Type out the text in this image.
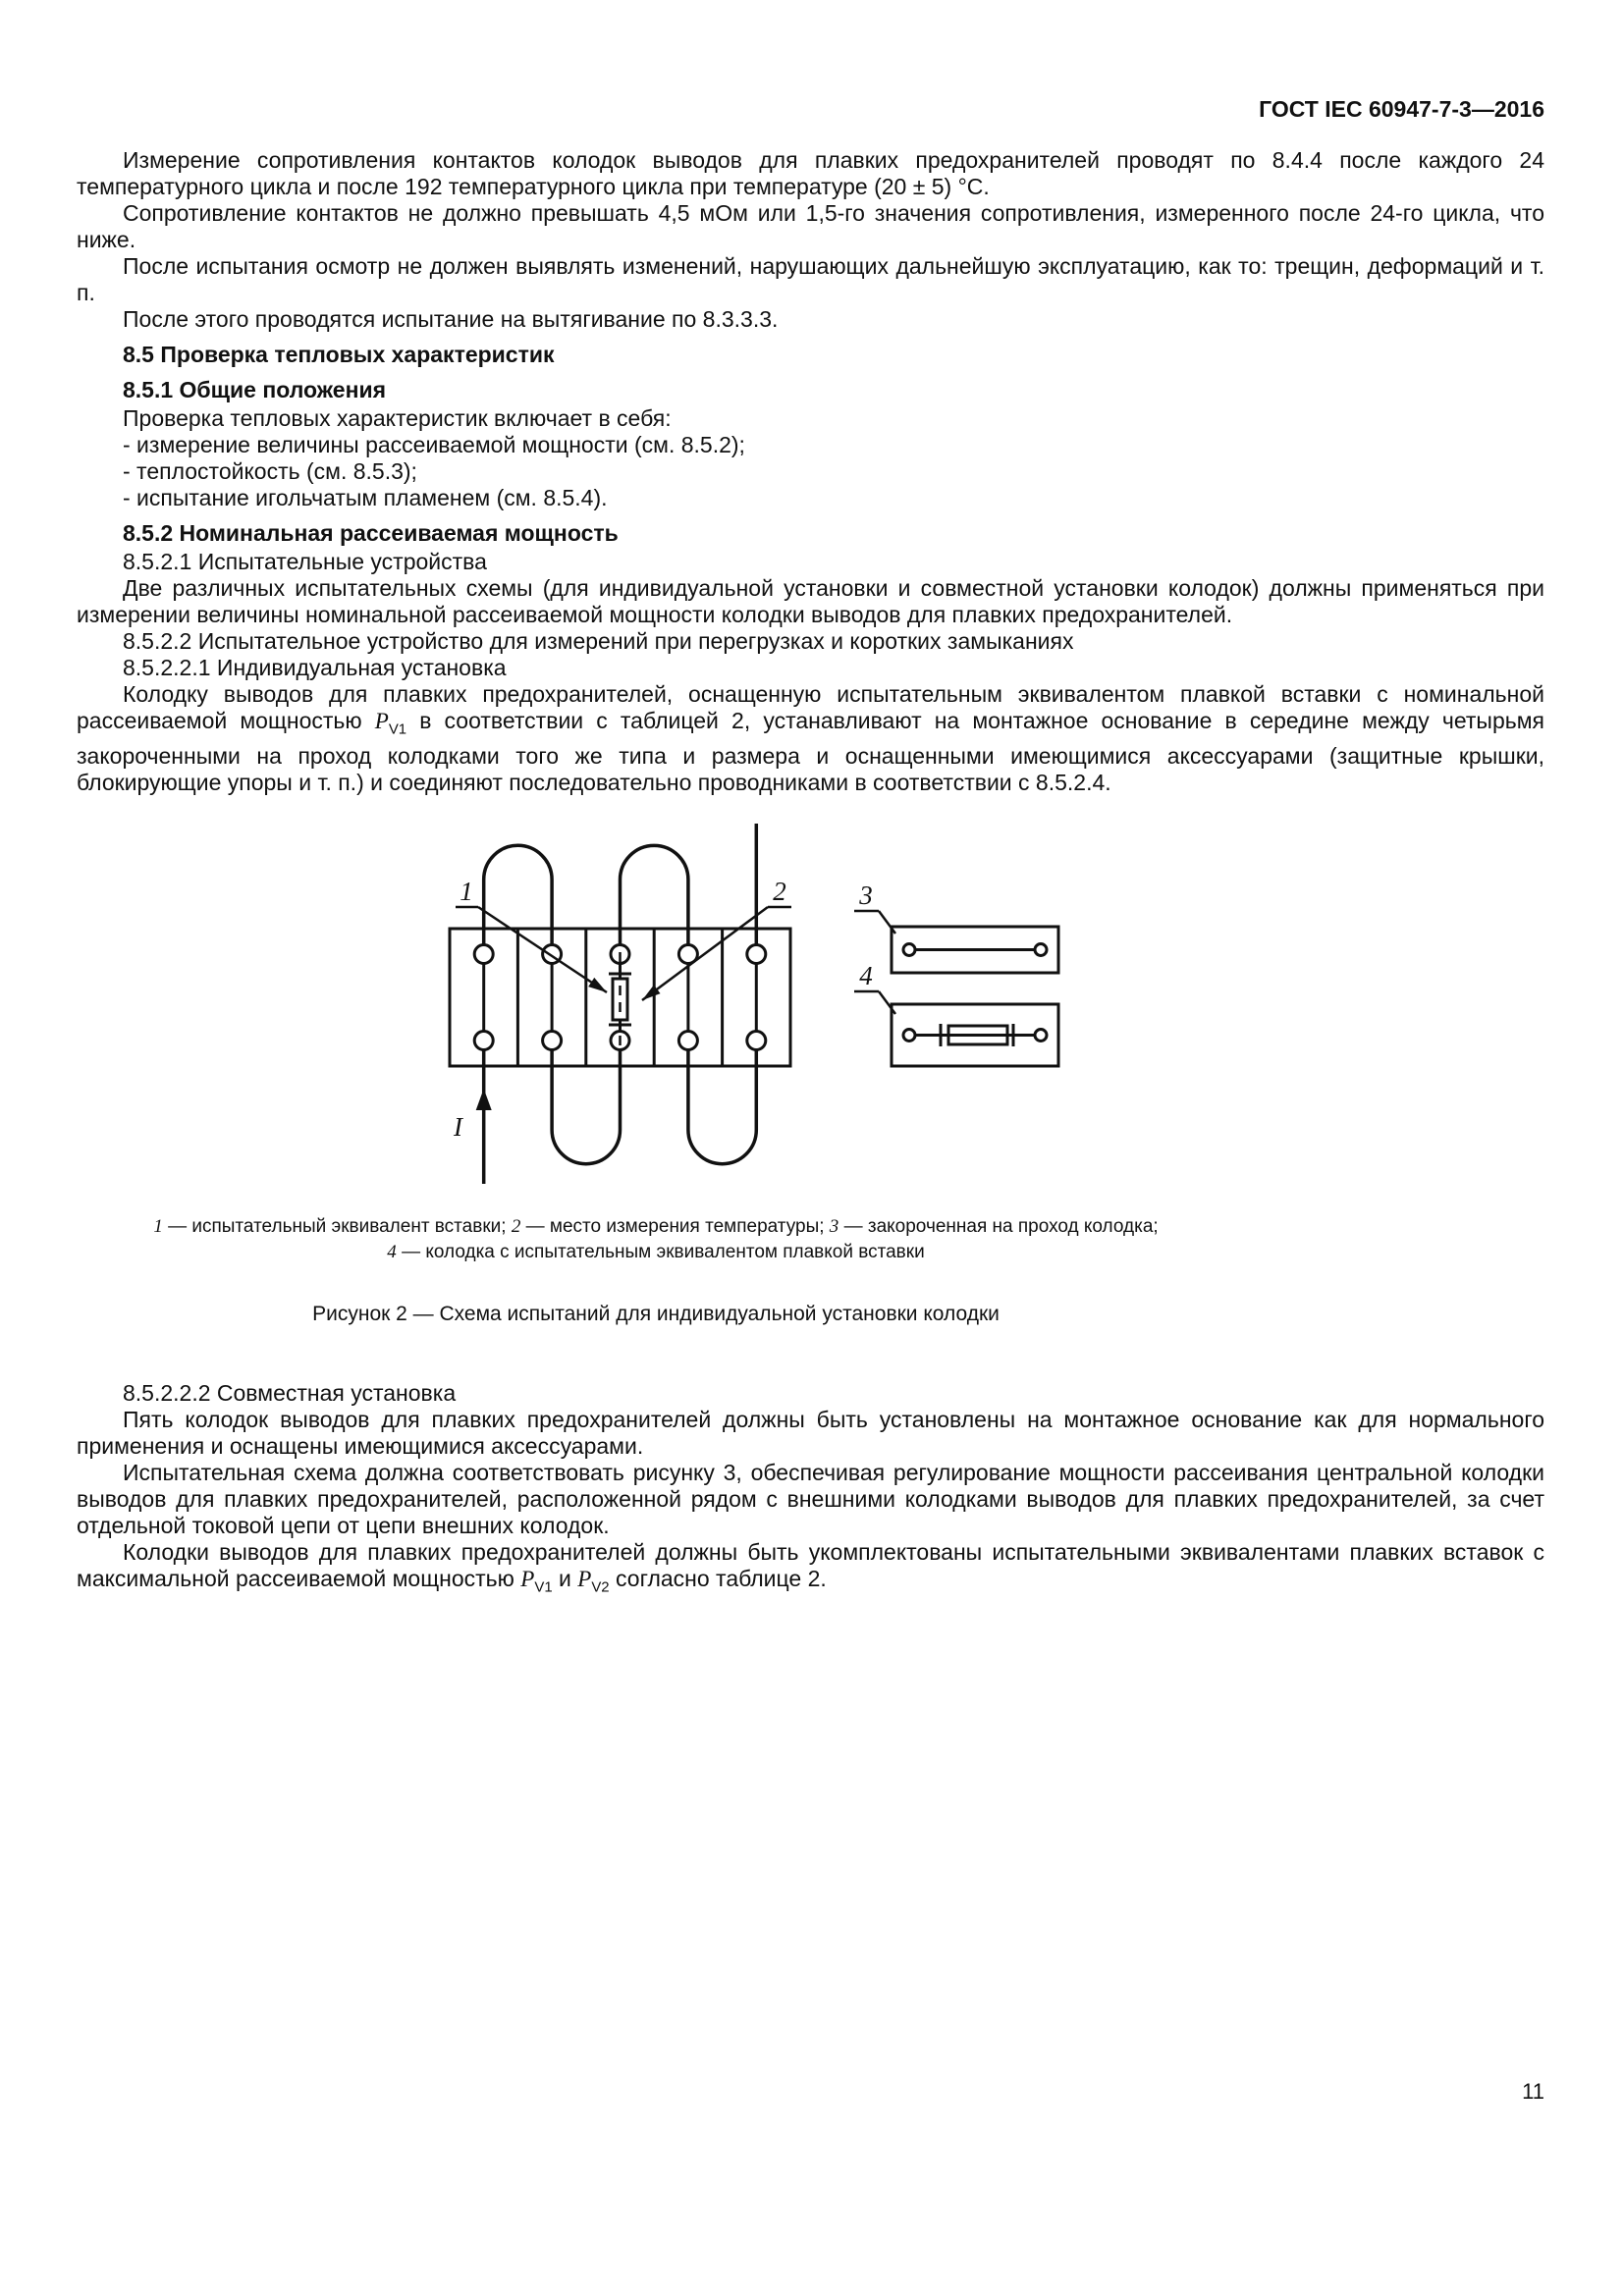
ГОСТ IEC 60947-7-3—2016

Измерение сопротивления контактов колодок выводов для плавких предохранителей проводят по 8.4.4 после каждого 24 температурного цикла и после 192 температурного цикла при температуре (20 ± 5) °С.

Сопротивление контактов не должно превышать 4,5 мОм или 1,5-го значения сопротивления, измеренного после 24-го цикла, что ниже.

После испытания осмотр не должен выявлять изменений, нарушающих дальнейшую эксплуатацию, как то: трещин, деформаций и т. п.

После этого проводятся испытание на вытягивание по 8.3.3.3.

8.5 Проверка тепловых характеристик

8.5.1 Общие положения

Проверка тепловых характеристик включает в себя:

- измерение величины рассеиваемой мощности (см. 8.5.2);

- теплостойкость (см. 8.5.3);

- испытание игольчатым пламенем (см. 8.5.4).

8.5.2 Номинальная рассеиваемая мощность

8.5.2.1 Испытательные устройства

Две различных испытательных схемы (для индивидуальной установки и совместной установки колодок) должны применяться при измерении величины номинальной рассеиваемой мощности колодки выводов для плавких предохранителей.

8.5.2.2 Испытательное устройство для измерений при перегрузках и коротких замыканиях

8.5.2.2.1 Индивидуальная установка

Колодку выводов для плавких предохранителей, оснащенную испытательным эквивалентом плавкой вставки с номинальной рассеиваемой мощностью $P_{V1}$ в соответствии с таблицей 2, устанавливают на монтажное основание в середине между четырьмя закороченными на проход колодками того же типа и размера и оснащенными имеющимися аксессуарами (защитные крышки, блокирующие упоры и т. п.) и соединяют последовательно проводниками в соответствии с 8.5.2.4.

I
1	2	3
4
1 — испытательный эквивалент вставки; 2 — место измерения температуры; 3 — закороченная на проход колодка;
4 — колодка с испытательным эквивалентом плавкой вставки
Рисунок 2 — Схема испытаний для индивидуальной установки колодки

8.5.2.2.2 Совместная установка

Пять колодок выводов для плавких предохранителей должны быть установлены на монтажное основание как для нормального применения и оснащены имеющимися аксессуарами.

Испытательная схема должна соответствовать рисунку 3, обеспечивая регулирование мощности рассеивания центральной колодки выводов для плавких предохранителей, расположенной рядом с внешними колодками выводов для плавких предохранителей, за счет отдельной токовой цепи от цепи внешних колодок.

Колодки выводов для плавких предохранителей должны быть укомплектованы испытательными эквивалентами плавких вставок с максимальной рассеиваемой мощностью $P_{V1}$ и $P_{V2}$ согласно таблице 2.

11
